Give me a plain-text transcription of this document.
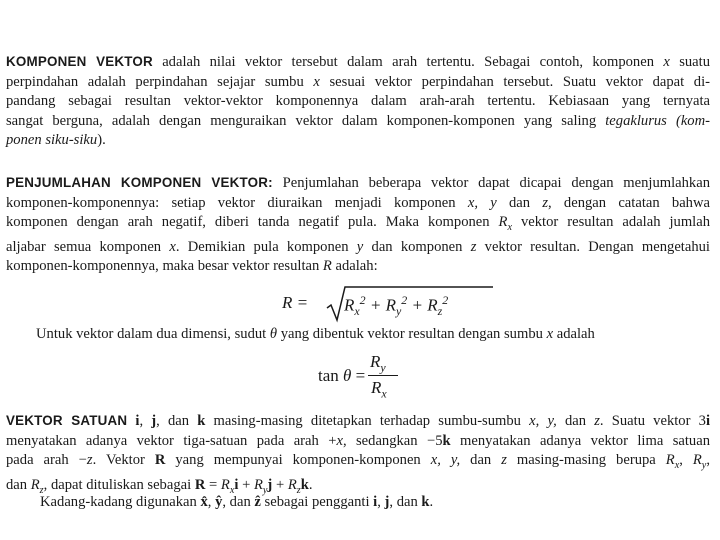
KOMPONEN VEKTOR adalah nilai vektor tersebut dalam arah tertentu. Sebagai contoh, komponen x suatu
perpindahan adalah perpindahan sejajar sumbu x sesuai vektor perpindahan tersebut. Suatu vektor dapat di-
pandang sebagai resultan vektor-vektor komponennya dalam arah-arah tertentu. Kebiasaan yang ternyata
sangat berguna, adalah dengan menguraikan vektor dalam komponen-komponen yang saling tegaklurus (kom-
ponen siku-siku).
PENJUMLAHAN KOMPONEN VEKTOR: Penjumlahan beberapa vektor dapat dicapai dengan menjumlahkan
komponen-komponennya: setiap vektor diuraikan menjadi komponen x, y dan z, dengan catatan bahwa
komponen dengan arah negatif, diberi tanda negatif pula. Maka komponen $R_x$ vektor resultan adalah jumlah
aljabar semua komponen x. Demikian pula komponen y dan komponen z vektor resultan. Dengan mengetahui
komponen-komponennya, maka besar vektor resultan R adalah:
$R = R_x^2 + R_y^2 + R_z^2$
Untuk vektor dalam dua dimensi, sudut θ yang dibentuk vektor resultan dengan sumbu x adalah
tan θ =
$R_y$
$R_x$
VEKTOR SATUAN i, j, dan k masing-masing ditetapkan terhadap sumbu-sumbu x, y, dan z. Suatu vektor 3i
menyatakan adanya vektor tiga-satuan pada arah +x, sedangkan −5k menyatakan adanya vektor lima satuan
pada arah −z. Vektor R yang mempunyai komponen-komponen x, y, dan z masing-masing berupa $R_x$, $R_y$,
dan $R_z$, dapat dituliskan sebagai $R = R_xi + R_yj + R_zk$.
Kadang-kadang digunakan x̂, ŷ, dan ẑ sebagai pengganti i, j, dan k.
